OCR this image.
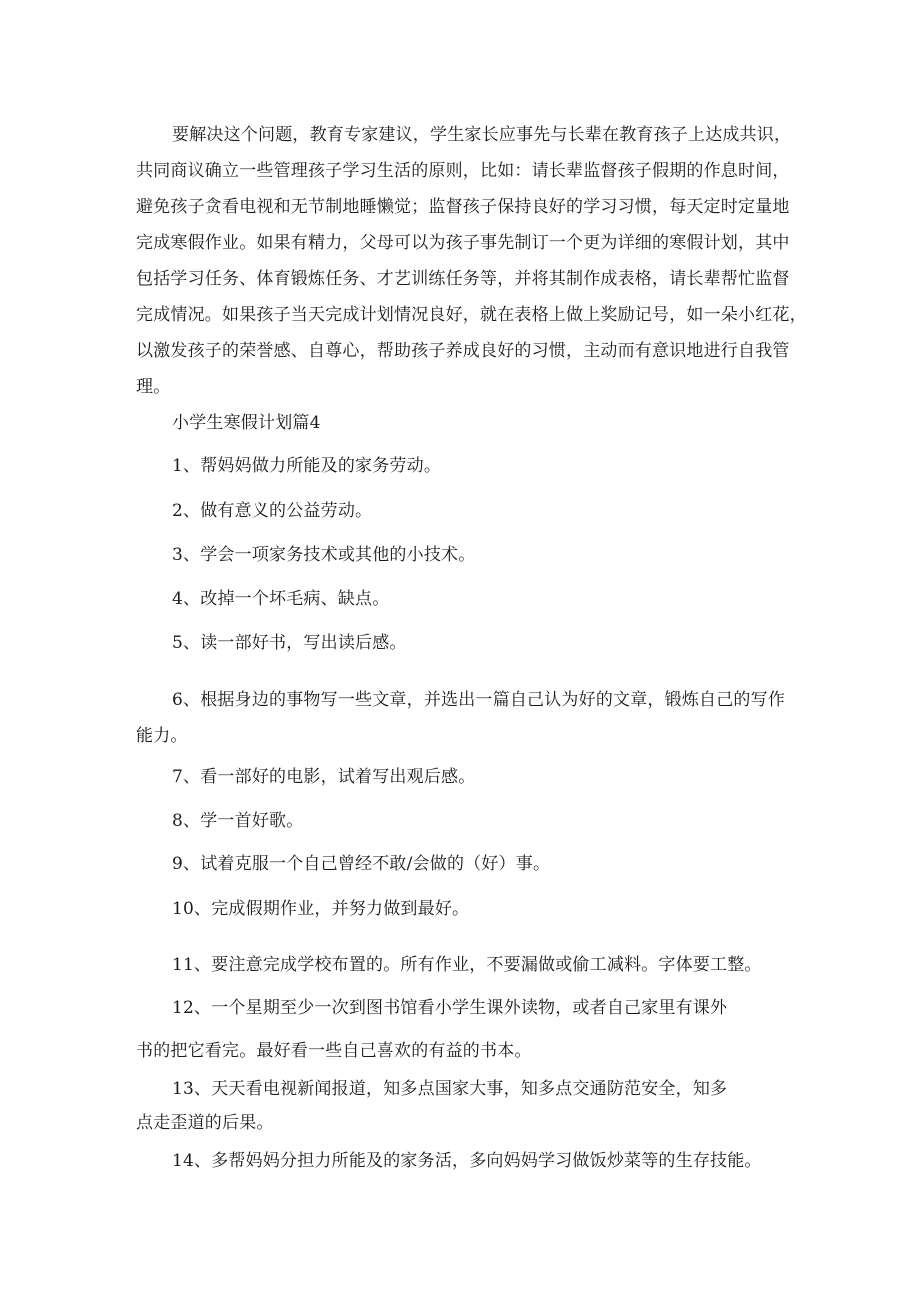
要解决这个问题，教育专家建议，学生家长应事先与长辈在教育孩子上达成共识，
共同商议确立一些管理孩子学习生活的原则，比如：请长辈监督孩子假期的作息时间，
避免孩子贪看电视和无节制地睡懒觉；监督孩子保持良好的学习习惯，每天定时定量地
完成寒假作业。如果有精力，父母可以为孩子事先制订一个更为详细的寒假计划，其中
包括学习任务、体育锻炼任务、才艺训练任务等，并将其制作成表格，请长辈帮忙监督
完成情况。如果孩子当天完成计划情况良好，就在表格上做上奖励记号，如一朵小红花，
以激发孩子的荣誉感、自尊心，帮助孩子养成良好的习惯，主动而有意识地进行自我管
理。
小学生寒假计划篇4
1、帮妈妈做力所能及的家务劳动。
2、做有意义的公益劳动。
3、学会一项家务技术或其他的小技术。
4、改掉一个坏毛病、缺点。
5、读一部好书，写出读后感。
6、根据身边的事物写一些文章，并选出一篇自己认为好的文章，锻炼自己的写作
能力。
7、看一部好的电影，试着写出观后感。
8、学一首好歌。
9、试着克服一个自己曾经不敢/会做的（好）事。
10、完成假期作业，并努力做到最好。
11、要注意完成学校布置的。所有作业，不要漏做或偷工减料。字体要工整。
12、一个星期至少一次到图书馆看小学生课外读物，或者自己家里有课外
书的把它看完。最好看一些自己喜欢的有益的书本。
13、天天看电视新闻报道，知多点国家大事，知多点交通防范安全，知多
点走歪道的后果。
14、多帮妈妈分担力所能及的家务活，多向妈妈学习做饭炒菜等的生存技能。
